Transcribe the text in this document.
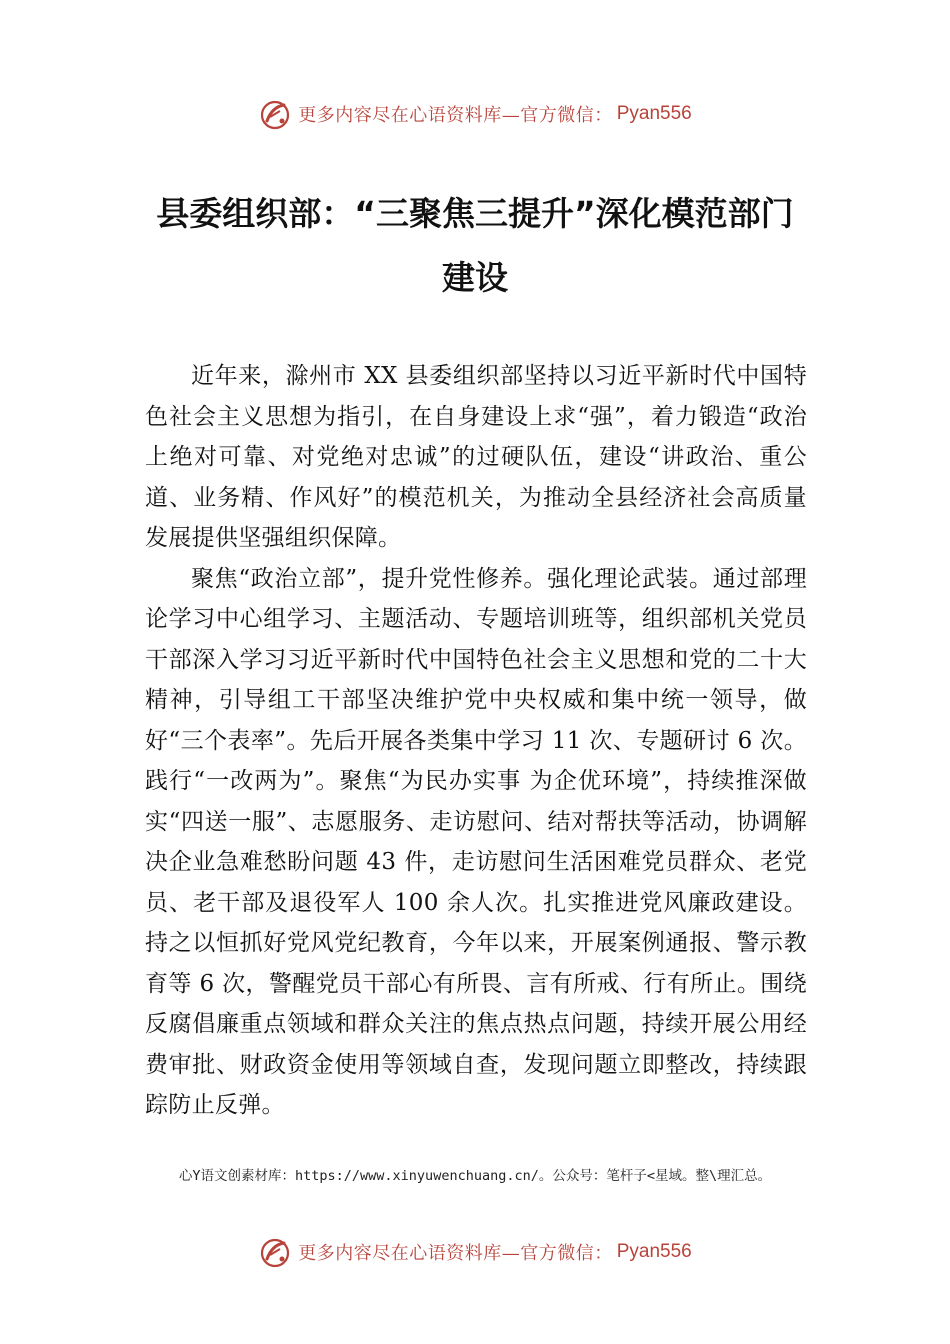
更多内容尽在心语资料库—官方微信： Pyan556
县委组织部：“三聚焦三提升”深化模范部门建设

近年来，滁州市 XX 县委组织部坚持以习近平新时代中国特色社会主义思想为指引，在自身建设上求“强”，着力锻造“政治上绝对可靠、对党绝对忠诚”的过硬队伍，建设“讲政治、重公道、业务精、作风好”的模范机关，为推动全县经济社会高质量发展提供坚强组织保障。

聚焦“政治立部”，提升党性修养。强化理论武装。通过部理论学习中心组学习、主题活动、专题培训班等，组织部机关党员干部深入学习习近平新时代中国特色社会主义思想和党的二十大精神，引导组工干部坚决维护党中央权威和集中统一领导，做好“三个表率”。先后开展各类集中学习 11 次、专题研讨 6 次。践行“一改两为”。聚焦“为民办实事 为企优环境”，持续推深做实“四送一服”、志愿服务、走访慰问、结对帮扶等活动，协调解决企业急难愁盼问题 43 件，走访慰问生活困难党员群众、老党员、老干部及退役军人 100 余人次。扎实推进党风廉政建设。持之以恒抓好党风党纪教育，今年以来，开展案例通报、警示教育等 6 次，警醒党员干部心有所畏、言有所戒、行有所止。围绕反腐倡廉重点领域和群众关注的焦点热点问题，持续开展公用经费审批、财政资金使用等领域自查，发现问题立即整改，持续跟踪防止反弹。

心Y语文创素材库：https://www.xinyuwenchuang.cn/。公众号：笔杆子<星域。整\理汇总。
更多内容尽在心语资料库—官方微信： Pyan556
